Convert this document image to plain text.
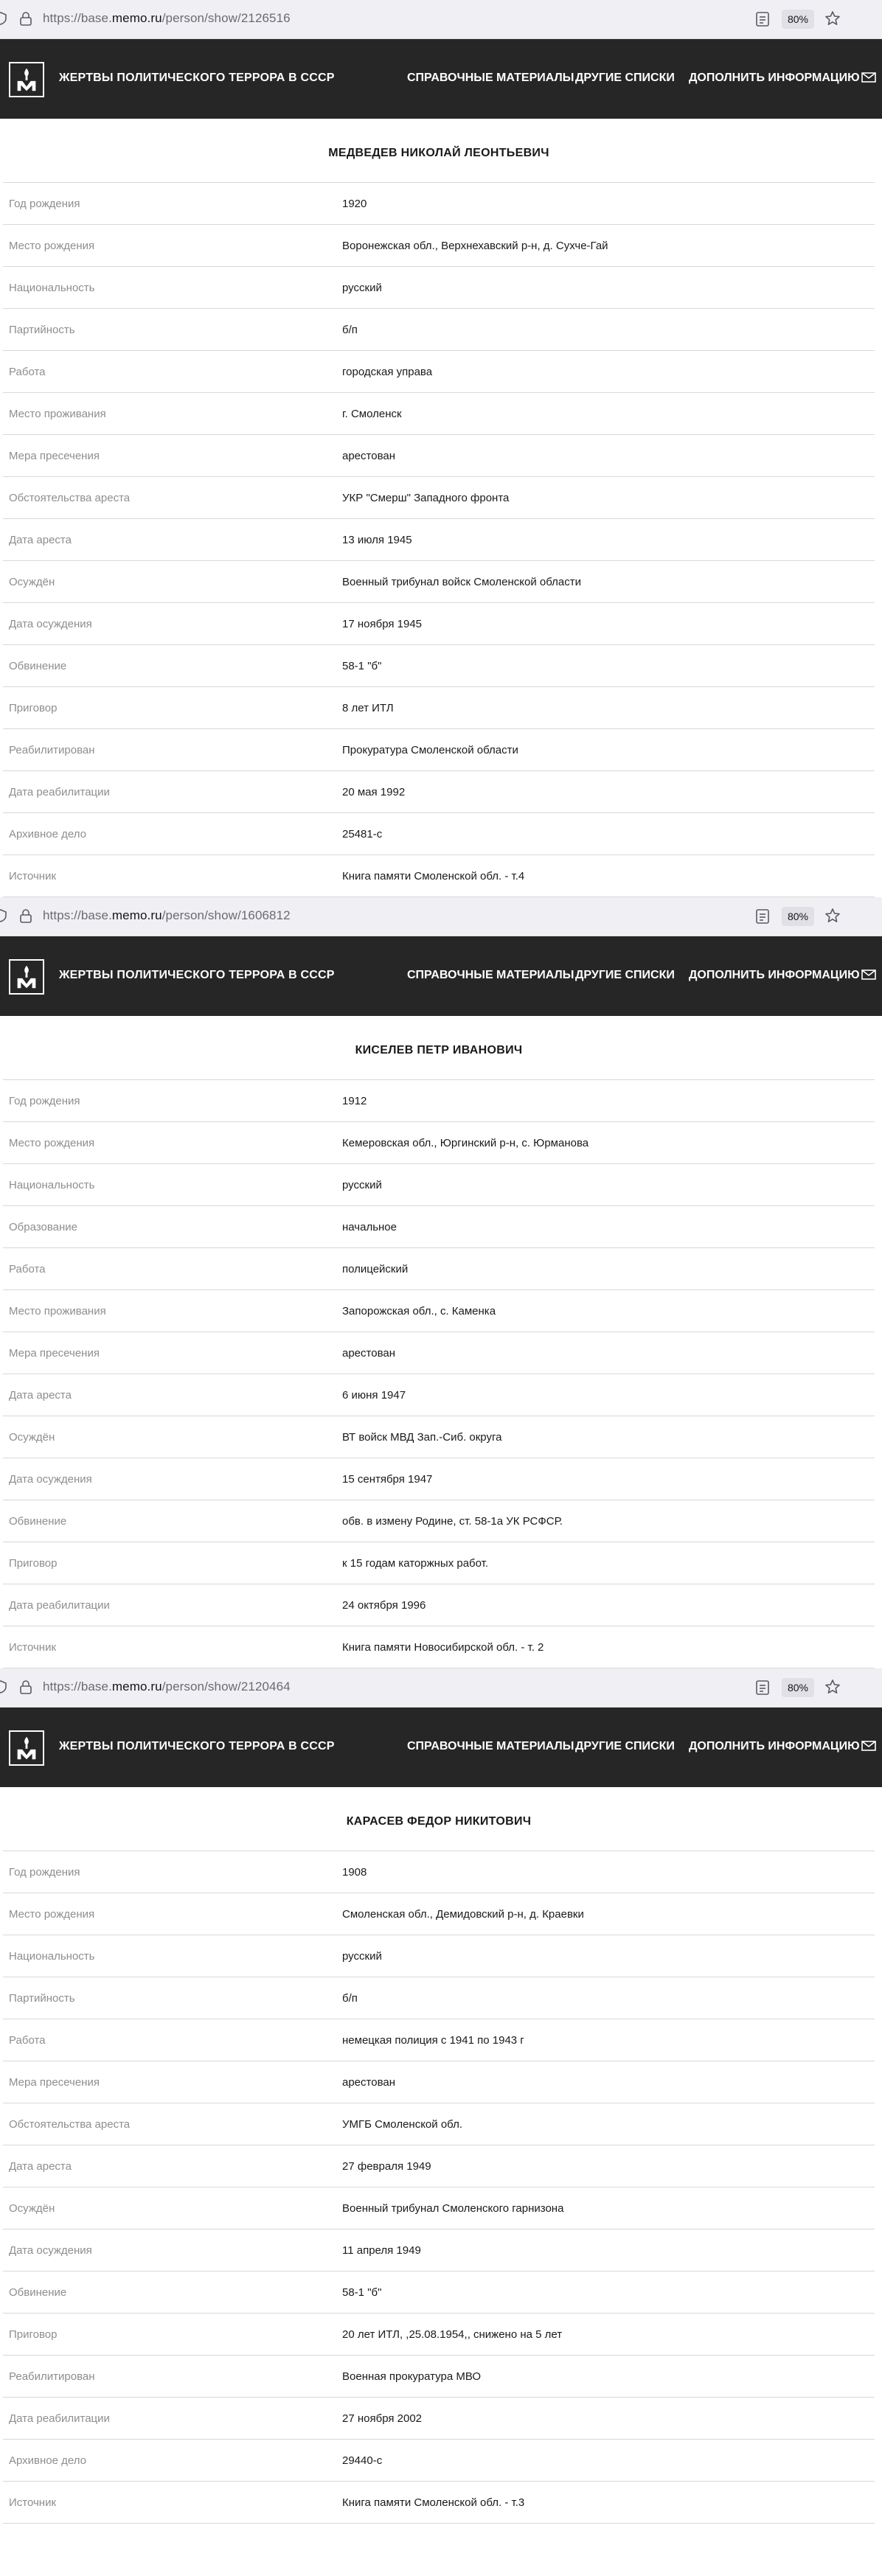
https://base.memo.ru/person/show/2126516	80%
ЖЕРТВЫ ПОЛИТИЧЕСКОГО ТЕРРОРА В СССР	СПРАВОЧНЫЕ МАТЕРИАЛЫ ДРУГИЕ СПИСКИ ДОПОЛНИТЬ ИНФОРМАЦИЮ
МЕДВЕДЕВ НИКОЛАЙ ЛЕОНТЬЕВИЧ
Год рождения	1920
Место рождения	Воронежская обл., Верхнехавский р-н, д. Сухче-Гай
Национальность	русский
Партийность	б/п
Работа	городская управа
Место проживания	г. Смоленск
Мера пресечения	арестован
Обстоятельства ареста	УКР "Смерш" Западного фронта
Дата ареста	13 июля 1945
Осуждён	Военный трибунал войск Смоленской области
Дата осуждения	17 ноября 1945
Обвинение	58-1 "б"
Приговор	8 лет ИТЛ
Реабилитирован	Прокуратура Смоленской области
Дата реабилитации	20 мая 1992
Архивное дело	25481-с
Источник	Книга памяти Смоленской обл. - т.4
https://base.memo.ru/person/show/1606812	80%
ЖЕРТВЫ ПОЛИТИЧЕСКОГО ТЕРРОРА В СССР	СПРАВОЧНЫЕ МАТЕРИАЛЫ ДРУГИЕ СПИСКИ ДОПОЛНИТЬ ИНФОРМАЦИЮ
КИСЕЛЕВ ПЕТР ИВАНОВИЧ
Год рождения	1912
Место рождения	Кемеровская обл., Юргинский р-н, с. Юрманова
Национальность	русский
Образование	начальное
Работа	полицейский
Место проживания	Запорожская обл., с. Каменка
Мера пресечения	арестован
Дата ареста	6 июня 1947
Осуждён	ВТ войск МВД Зап.-Сиб. округа
Дата осуждения	15 сентября 1947
Обвинение	обв. в измену Родине, ст. 58-1а УК РСФСР.
Приговор	к 15 годам каторжных работ.
Дата реабилитации	24 октября 1996
Источник	Книга памяти Новосибирской обл. - т. 2
https://base.memo.ru/person/show/2120464	80%
ЖЕРТВЫ ПОЛИТИЧЕСКОГО ТЕРРОРА В СССР	СПРАВОЧНЫЕ МАТЕРИАЛЫ ДРУГИЕ СПИСКИ ДОПОЛНИТЬ ИНФОРМАЦИЮ
КАРАСЕВ ФЕДОР НИКИТОВИЧ
Год рождения	1908
Место рождения	Смоленская обл., Демидовский р-н, д. Краевки
Национальность	русский
Партийность	б/п
Работа	немецкая полиция с 1941 по 1943 г
Мера пресечения	арестован
Обстоятельства ареста	УМГБ Смоленской обл.
Дата ареста	27 февраля 1949
Осуждён	Военный трибунал Смоленского гарнизона
Дата осуждения	11 апреля 1949
Обвинение	58-1 "б"
Приговор	20 лет ИТЛ, ,25.08.1954,, снижено на 5 лет
Реабилитирован	Военная прокуратура МВО
Дата реабилитации	27 ноября 2002
Архивное дело	29440-с
Источник	Книга памяти Смоленской обл. - т.3
